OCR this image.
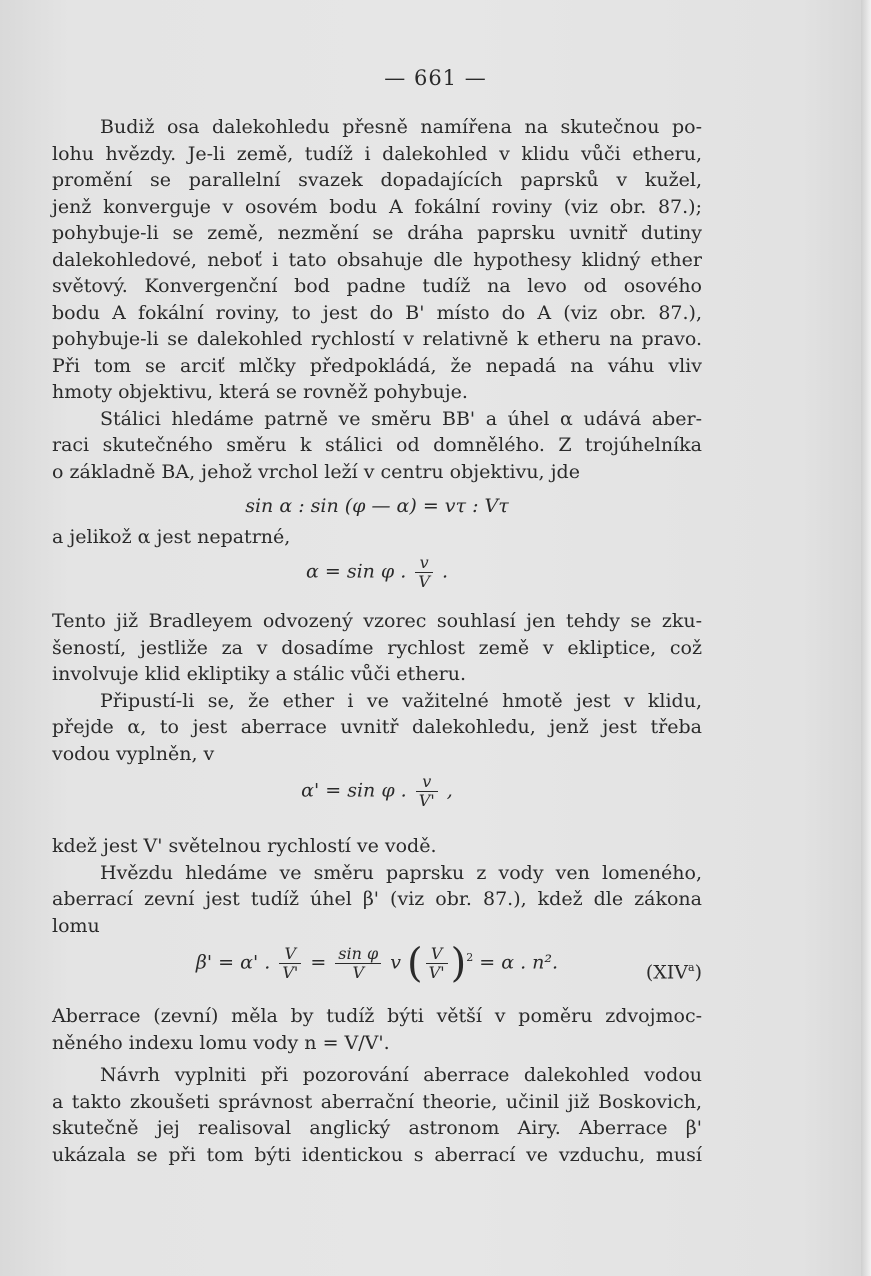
— 661 —
Budiž osa dalekohledu přesně namířena na skutečnou po-
lohu hvězdy. Je-li země, tudíž i dalekohled v klidu vůči etheru,
promění se parallelní svazek dopadajících paprsků v kužel,
jenž konverguje v osovém bodu A fokální roviny (viz obr. 87.);
pohybuje-li se země, nezmění se dráha paprsku uvnitř dutiny
dalekohledové, neboť i tato obsahuje dle hypothesy klidný ether
světový. Konvergenční bod padne tudíž na levo od osového
bodu A fokální roviny, to jest do B' místo do A (viz obr. 87.),
pohybuje-li se dalekohled rychlostí v relativně k etheru na pravo.
Při tom se arciť mlčky předpokládá, že nepadá na váhu vliv
hmoty objektivu, která se rovněž pohybuje.
Stálici hledáme patrně ve směru BB' a úhel α udává aber-
raci skutečného směru k stálici od domnělého. Z trojúhelníka
o základně BA, jehož vrchol leží v centru objektivu, jde
sin α : sin (φ — α) = vτ : Vτ
a jelikož α jest nepatrné,
α = sin φ . $\frac{v}{V}$ .
Tento již Bradleyem odvozený vzorec souhlasí jen tehdy se zku-
šeností, jestliže za v dosadíme rychlost země v ekliptice, což
involvuje klid ekliptiky a stálic vůči etheru.
Připustí-li se, že ether i ve važitelné hmotě jest v klidu,
přejde α, to jest aberrace uvnitř dalekohledu, jenž jest třeba
vodou vyplněn, v
α' = sin φ . $\frac{v}{V'}$ ,
kdež jest V' světelnou rychlostí ve vodě.
Hvězdu hledáme ve směru paprsku z vody ven lomeného,
aberrací zevní jest tudíž úhel β' (viz obr. 87.), kdež dle zákona
lomu
β' = α' . $\frac{V}{V'} = \frac{\text{sin φ}}{V}$ v ( $\frac{V}{V'} )^2 = \alpha$ . n².	(XIV$^a$)
Aberrace (zevní) měla by tudíž býti větší v poměru zdvojmoc-
něného indexu lomu vody n = V/V'.
Návrh vyplniti při pozorování aberrace dalekohled vodou
a takto zkoušeti správnost aberrační theorie, učinil již Boskovich,
skutečně jej realisoval anglický astronom Airy. Aberrace β'
ukázala se při tom býti identickou s aberrací ve vzduchu, musí
